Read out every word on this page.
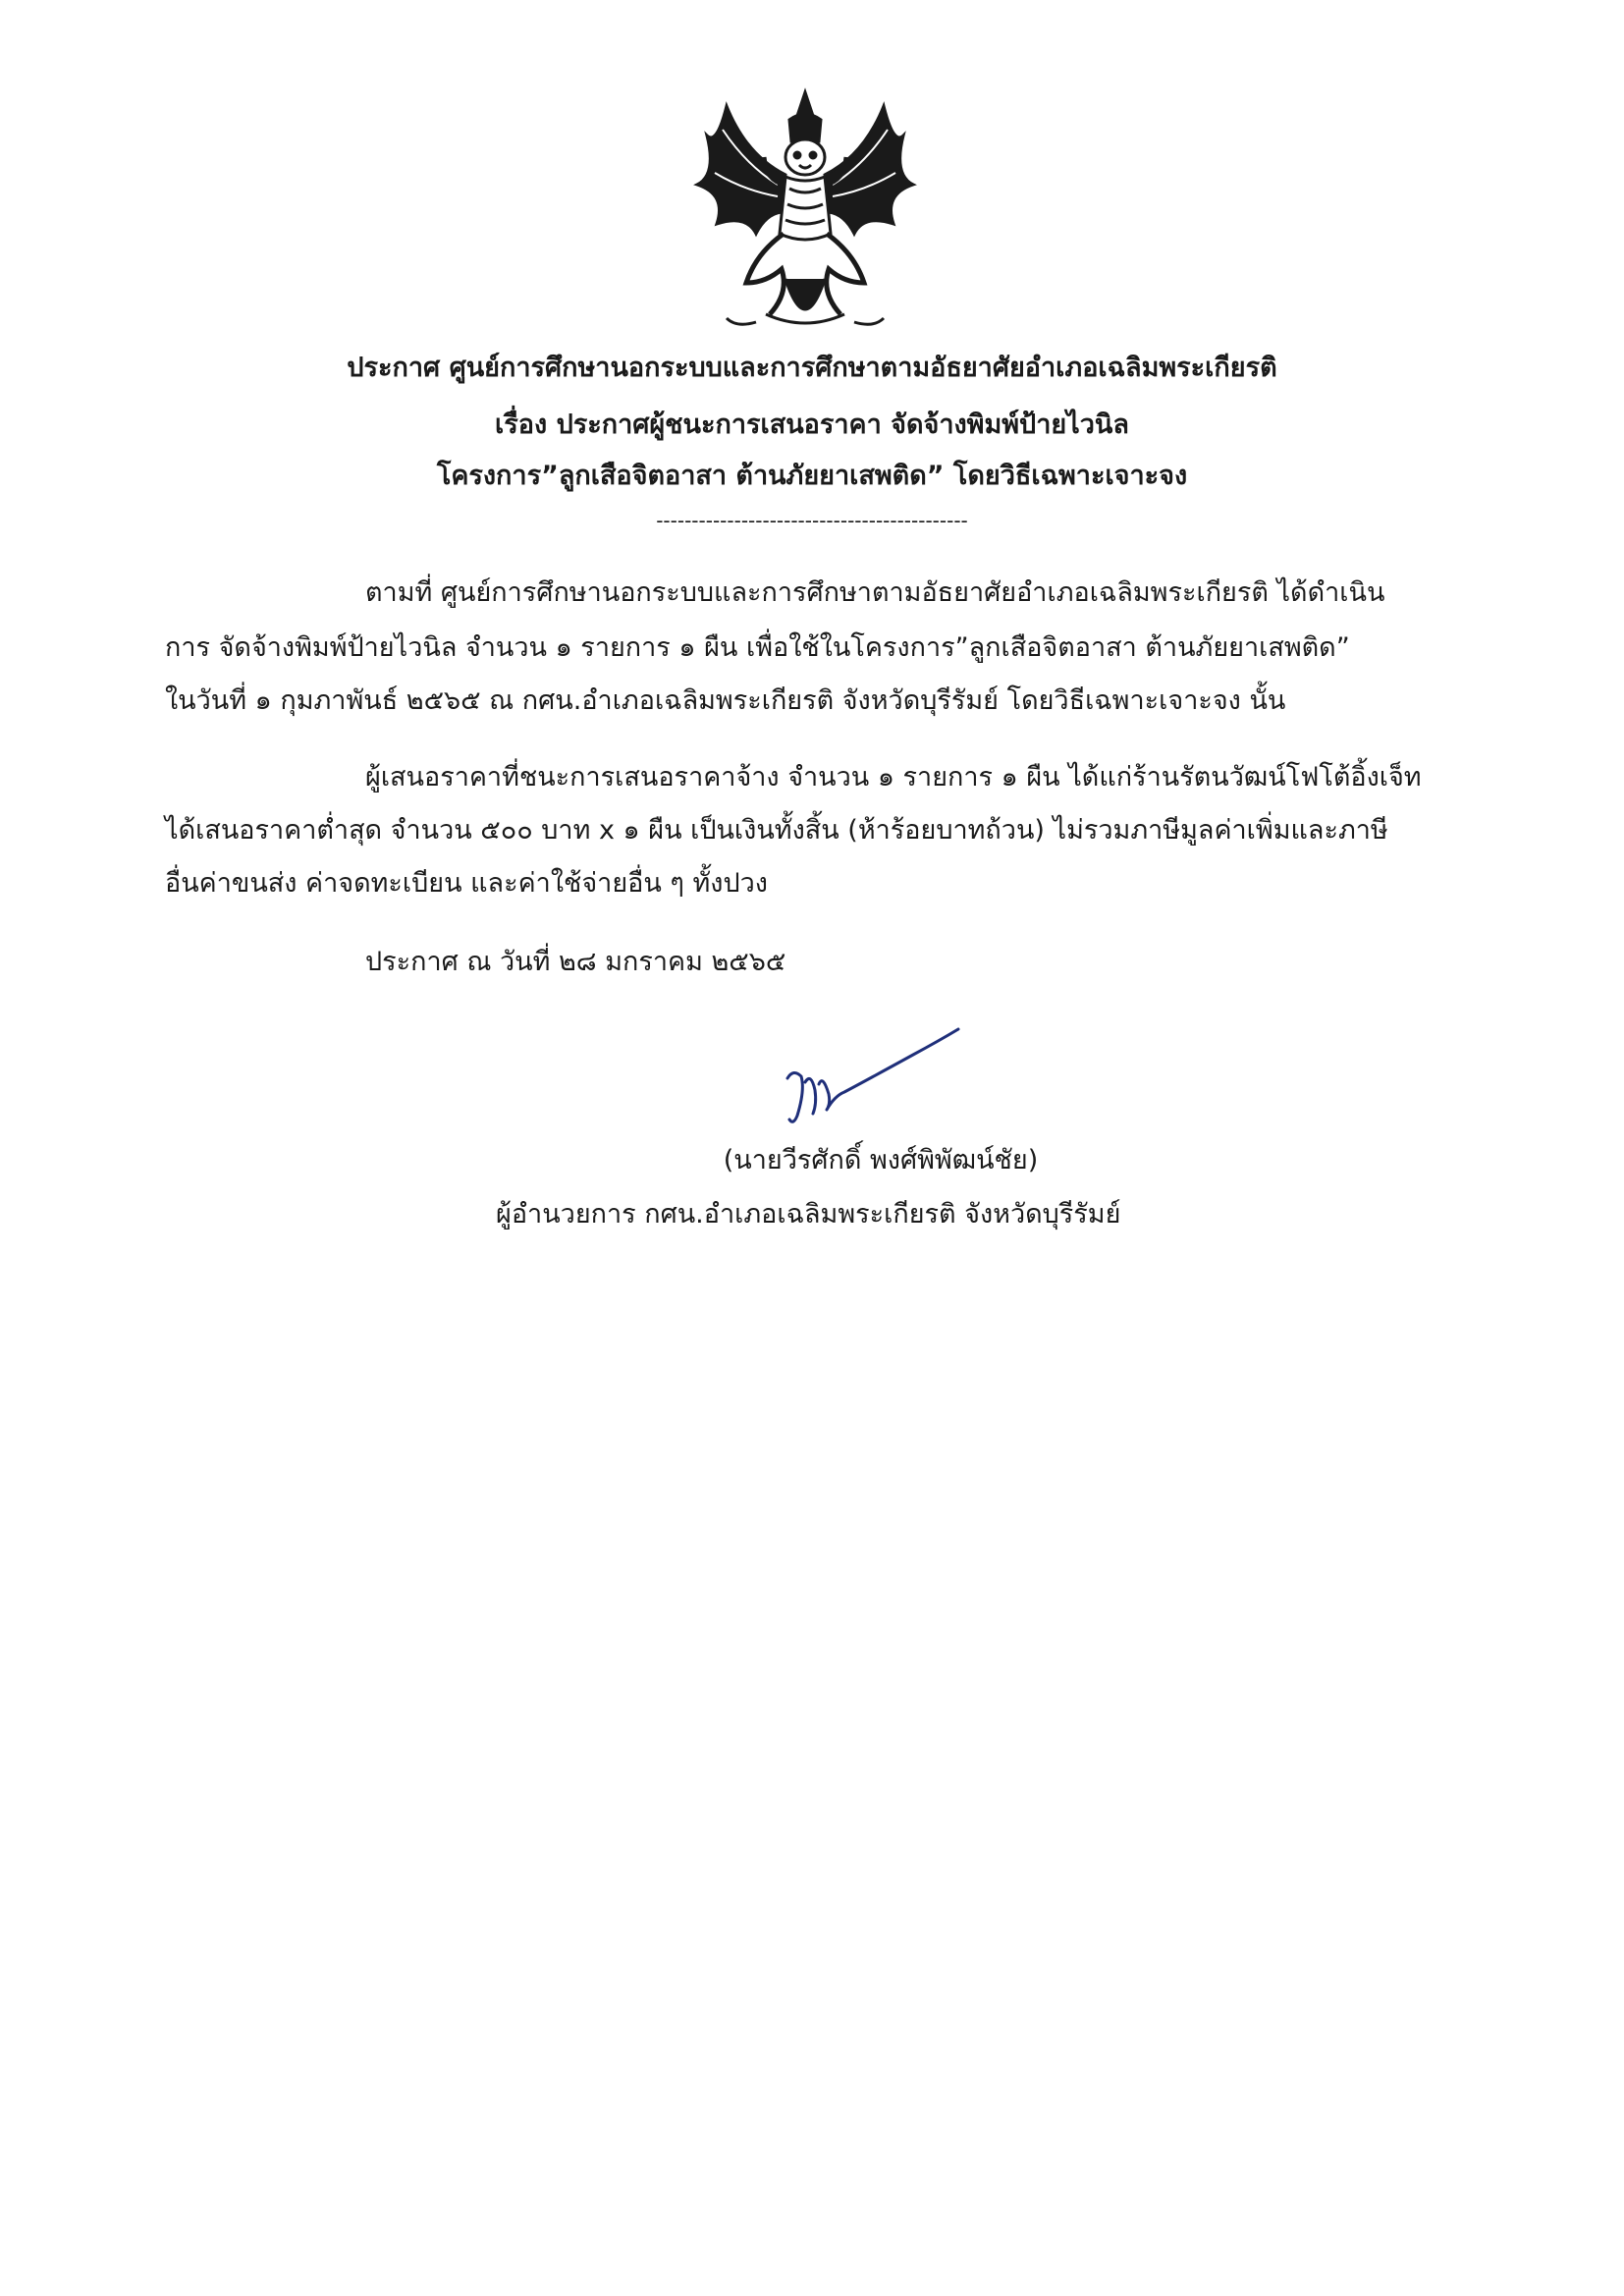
ประกาศ ศูนย์การศึกษานอกระบบและการศึกษาตามอัธยาศัยอำเภอเฉลิมพระเกียรติ
เรื่อง ประกาศผู้ชนะการเสนอราคา จัดจ้างพิมพ์ป้ายไวนิล
โครงการ”ลูกเสือจิตอาสา ต้านภัยยาเสพติด” โดยวิธีเฉพาะเจาะจง
--------------------------------------------
ตามที่ ศูนย์การศึกษานอกระบบและการศึกษาตามอัธยาศัยอำเภอเฉลิมพระเกียรติ ได้ดำเนิน
การ จัดจ้างพิมพ์ป้ายไวนิล จำนวน ๑ รายการ ๑ ผืน เพื่อใช้ในโครงการ”ลูกเสือจิตอาสา ต้านภัยยาเสพติด”
ในวันที่ ๑ กุมภาพันธ์ ๒๕๖๕ ณ กศน.อำเภอเฉลิมพระเกียรติ จังหวัดบุรีรัมย์ โดยวิธีเฉพาะเจาะจง นั้น
ผู้เสนอราคาที่ชนะการเสนอราคาจ้าง จำนวน ๑ รายการ ๑ ผืน ได้แก่ร้านรัตนวัฒน์โฟโต้อิ้งเจ็ท
ได้เสนอราคาต่ำสุด จำนวน ๕๐๐ บาท x ๑ ผืน เป็นเงินทั้งสิ้น (ห้าร้อยบาทถ้วน) ไม่รวมภาษีมูลค่าเพิ่มและภาษี
อื่นค่าขนส่ง ค่าจดทะเบียน และค่าใช้จ่ายอื่น ๆ ทั้งปวง
ประกาศ ณ วันที่ ๒๘ มกราคม ๒๕๖๕
(นายวีรศักดิ์ พงศ์พิพัฒน์ชัย)
ผู้อำนวยการ กศน.อำเภอเฉลิมพระเกียรติ จังหวัดบุรีรัมย์
